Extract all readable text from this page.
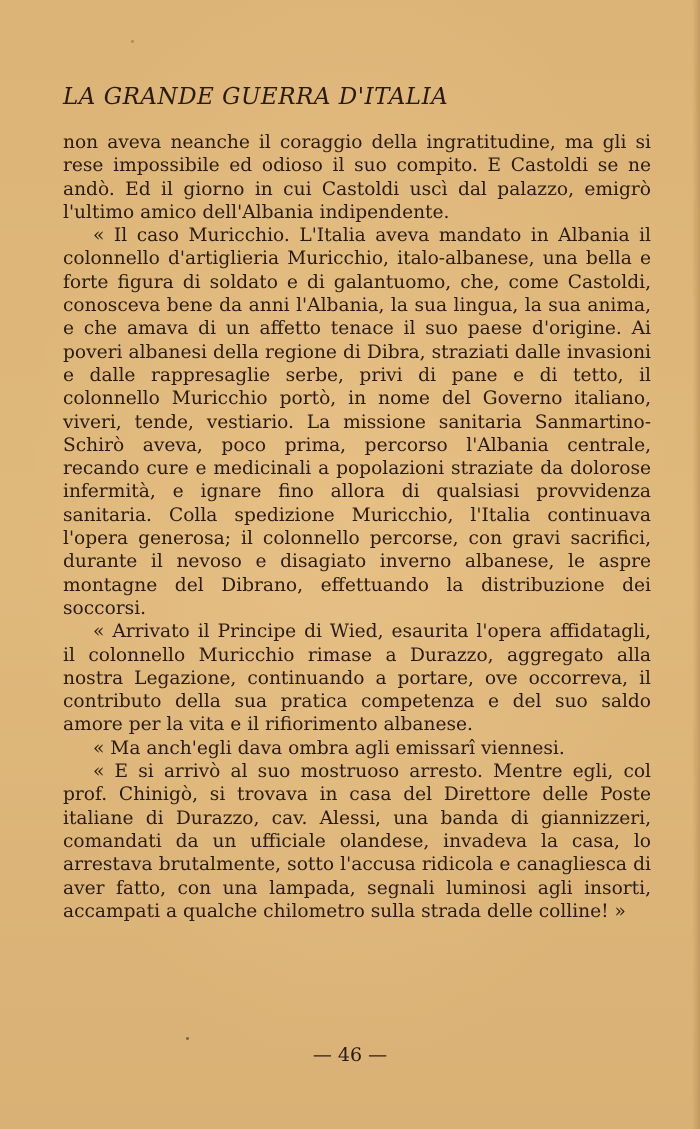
LA GRANDE GUERRA D'ITALIA

non aveva neanche il coraggio della ingratitudine, ma gli si rese impossibile ed odioso il suo compito. E Castoldi se ne andò. Ed il giorno in cui Castoldi uscì dal palazzo, emigrò l'ultimo amico dell'Albania indipendente.

« Il caso Muricchio. L'Italia aveva mandato in Albania il colonnello d'artiglieria Muricchio, italo-albanese, una bella e forte figura di soldato e di galantuomo, che, come Castoldi, conosceva bene da anni l'Albania, la sua lingua, la sua anima, e che amava di un affetto tenace il suo paese d'origine. Ai poveri albanesi della regione di Dibra, straziati dalle invasioni e dalle rappresaglie serbe, privi di pane e di tetto, il colonnello Muricchio portò, in nome del Governo italiano, viveri, tende, vestiario. La missione sanitaria Sanmartino-Schirò aveva, poco prima, percorso l'Albania centrale, recando cure e medicinali a popolazioni straziate da dolorose infermità, e ignare fino allora di qualsiasi provvidenza sanitaria. Colla spedizione Muricchio, l'Italia continuava l'opera generosa; il colonnello percorse, con gravi sacrifici, durante il nevoso e disagiato inverno albanese, le aspre montagne del Dibrano, effettuando la distribuzione dei soccorsi.

« Arrivato il Principe di Wied, esaurita l'opera affidatagli, il colonnello Muricchio rimase a Durazzo, aggregato alla nostra Legazione, continuando a portare, ove occorreva, il contributo della sua pratica competenza e del suo saldo amore per la vita e il rifiorimento albanese.

« Ma anch'egli dava ombra agli emissarî viennesi.

« E si arrivò al suo mostruoso arresto. Mentre egli, col prof. Chinigò, si trovava in casa del Direttore delle Poste italiane di Durazzo, cav. Alessi, una banda di giannizzeri, comandati da un ufficiale olandese, invadeva la casa, lo arrestava brutalmente, sotto l'accusa ridicola e canagliesca di aver fatto, con una lampada, segnali luminosi agli insorti, accampati a qualche chilometro sulla strada delle colline! »

— 46 —
